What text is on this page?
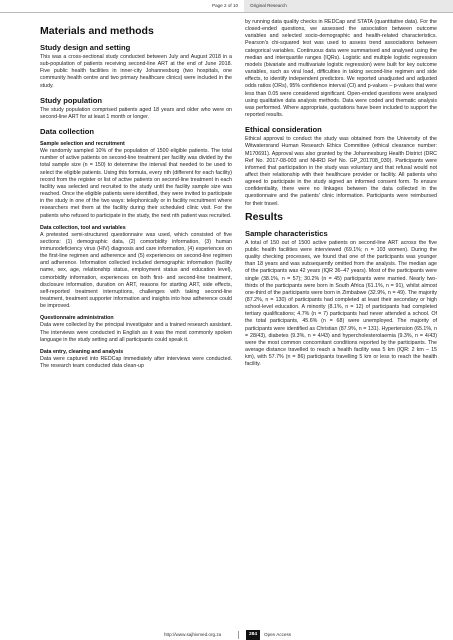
Page 2 of 10	Original Research
Materials and methods
Study design and setting

This was a cross-sectional study conducted between July and August 2018 in a sub-population of patients receiving second-line ART at the end of June 2018. Five public health facilities in inner-city Johannesburg (two hospitals, one community health centre and two primary healthcare clinics) were included in the study.

Study population

The study population comprised patients aged 18 years and older who were on second-line ART for at least 1 month or longer.

Data collection
Sample selection and recruitment

We randomly sampled 10% of the population of 1500 eligible patients. The total number of active patients on second-line treatment per facility was divided by the total sample size (n = 150) to determine the interval that needed to be used to select the eligible patients. Using this formula, every nth (different for each facility) record from the register or list of active patients on second-line treatment in each facility was selected and recruited to the study until the facility sample size was reached. Once the eligible patients were identified, they were invited to participate in the study in one of the two ways: telephonically or in facility recruitment where researchers met them at the facility during their scheduled clinic visit. For the patients who refused to participate in the study, the next nth patient was recruited.

Data collection, tool and variables

A pretested semi-structured questionnaire was used, which consisted of five sections: (1) demographic data, (2) comorbidity information, (3) human immunodeficiency virus (HIV) diagnosis and care information, (4) experiences on the first-line regimen and adherence and (5) experiences on second-line regimen and adherence. Information collected included demographic information (facility name, sex, age, relationship status, employment status and education level), comorbidity information, experiences on both first- and second-line treatment, disclosure information, duration on ART, reasons for starting ART, side effects, self-reported treatment interruptions, challenges with taking second-line treatment, treatment supporter information and insights into how adherence could be improved.

Questionnaire administration

Data were collected by the principal investigator and a trained research assistant. The interviews were conducted in English as it was the most commonly spoken language in the study setting and all participants could speak it.

Data entry, cleaning and analysis

Data were captured into REDCap immediately after interviews were conducted. The research team conducted data clean-up

by running data quality checks in REDCap and STATA (quantitative data). For the closed-ended questions, we assessed the association between outcome variables and selected socio-demographic and health-related characteristics. Pearson's chi-squared test was used to assess trend associations between categorical variables. Continuous data were summarised and analysed using the median and interquartile ranges (IQRs). Logistic and multiple logistic regression models (bivariate and multivariate logistic regression) were built for key outcome variables, such as viral load, difficulties in taking second-line regimen and side effects, to identify independent predictors. We reported unadjusted and adjusted odds ratios (ORs), 95% confidence interval (CI) and p-values – p-values that were less than 0.05 were considered significant. Open-ended questions were analysed using qualitative data analysis methods. Data were coded and thematic analysis was performed. Where appropriate, quotations have been included to support the reported results.

Ethical consideration

Ethical approval to conduct the study was obtained from the University of the Witwatersrand Human Research Ethics Committee (ethical clearance number: M170691). Approval was also granted by the Johannesburg Health District (DRC Ref No. 2017-08-003 and NHRD Ref No. GP_201708_030). Participants were informed that participation in the study was voluntary and that refusal would not affect their relationship with their healthcare provider or facility. All patients who agreed to participate in the study signed an informed consent form. To ensure confidentiality, there were no linkages between the data collected in the questionnaire and the patients' clinic information. Participants were reimbursed for their travel.

Results
Sample characteristics

A total of 150 out of 1500 active patients on second-line ART across the five public health facilities were interviewed (69.1%; n = 103 women). During the quality checking processes, we found that one of the participants was younger than 18 years and was subsequently omitted from the analysis. The median age of the participants was 42 years (IQR 36–47 years). Most of the participants were single (38.1%, n = 57); 30.2% (n = 45) participants were married. Nearly two-thirds of the participants were born in South Africa (61.1%, n = 91), whilst almost one-third of the participants were born in Zimbabwe (32.9%, n = 49). The majority (87.2%, n = 130) of participants had completed at least their secondary or high school-level education. A minority (8.1%, n = 12) of participants had completed tertiary qualifications; 4.7% (n = 7) participants had never attended a school. Of the total participants, 45.6% (n = 68) were unemployed. The majority of participants were identified as Christian (87.9%, n = 131). Hypertension (65.1%, n = 28/43), diabetes (9.3%, n = 4/43) and hypercholesterolaemia (9.3%, n = 4/43) were the most common concomitant conditions reported by the participants. The average distance travelled to reach a health facility was 5 km (IQR: 2 km – 15 km), with 57.7% (n = 86) participants travelling 5 km or less to reach the health facility.

http://www.sajhivmed.org.za	284	Open Access
